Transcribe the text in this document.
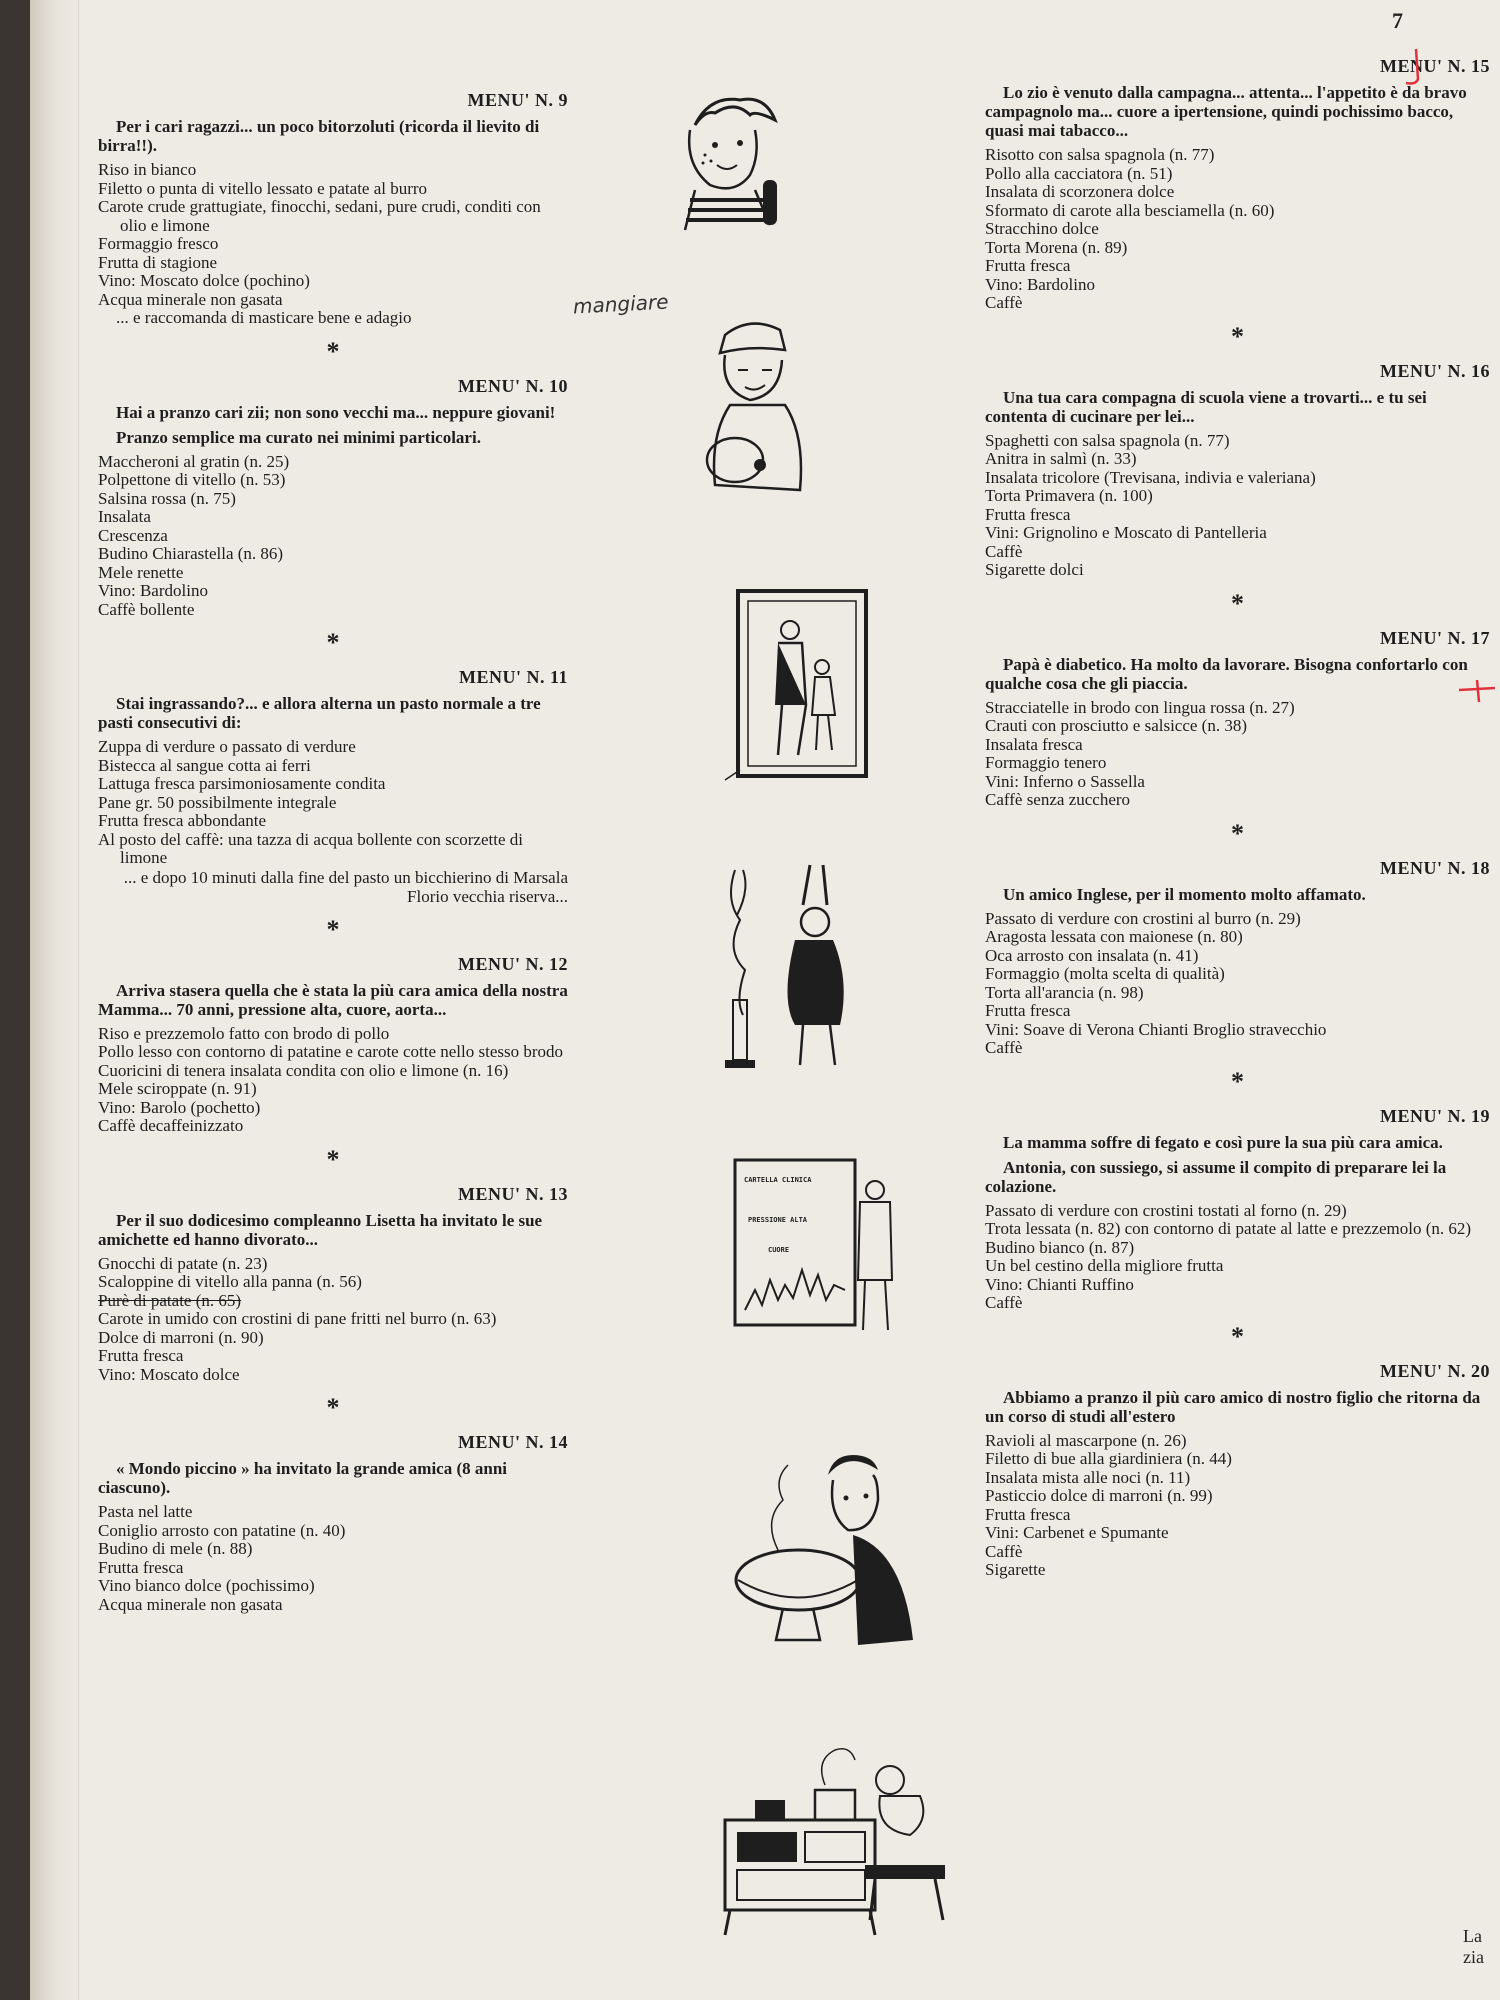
7
MENU' N. 9
Per i cari ragazzi... un poco bitorzoluti (ricorda il lievito di birra!!).
Riso in bianco
Filetto o punta di vitello lessato e patate al burro
Carote crude grattugiate, finocchi, sedani, pure crudi, conditi con olio e limone
Formaggio fresco
Frutta di stagione
Vino: Moscato dolce (pochino)
Acqua minerale non gasata
... e raccomanda di masticare bene e adagio
*
MENU' N. 10
Hai a pranzo cari zii; non sono vecchi ma... neppure giovani!
Pranzo semplice ma curato nei minimi particolari.
Maccheroni al gratin (n. 25)
Polpettone di vitello (n. 53)
Salsina rossa (n. 75)
Insalata
Crescenza
Budino Chiarastella (n. 86)
Mele renette
Vino: Bardolino
Caffè bollente
*
MENU' N. 11
Stai ingrassando?... e allora alterna un pasto normale a tre pasti consecutivi di:
Zuppa di verdure o passato di verdure
Bistecca al sangue cotta ai ferri
Lattuga fresca parsimoniosamente condita
Pane gr. 50 possibilmente integrale
Frutta fresca abbondante
Al posto del caffè: una tazza di acqua bollente con scorzette di limone
... e dopo 10 minuti dalla fine del pasto un bicchierino di Marsala Florio vecchia riserva...
*
MENU' N. 12
Arriva stasera quella che è stata la più cara amica della nostra Mamma... 70 anni, pressione alta, cuore, aorta...
Riso e prezzemolo fatto con brodo di pollo
Pollo lesso con contorno di patatine e carote cotte nello stesso brodo
Cuoricini di tenera insalata condita con olio e limone (n. 16)
Mele sciroppate (n. 91)
Vino: Barolo (pochetto)
Caffè decaffeinizzato
*
MENU' N. 13
Per il suo dodicesimo compleanno Lisetta ha invitato le sue amichette ed hanno divorato...
Gnocchi di patate (n. 23)
Scaloppine di vitello alla panna (n. 56)
Purè di patate (n. 65)
Carote in umido con crostini di pane fritti nel burro (n. 63)
Dolce di marroni (n. 90)
Frutta fresca
Vino: Moscato dolce
*
MENU' N. 14
« Mondo piccino » ha invitato la grande amica (8 anni ciascuno).
Pasta nel latte
Coniglio arrosto con patatine (n. 40)
Budino di mele (n. 88)
Frutta fresca
Vino bianco dolce (pochissimo)
Acqua minerale non gasata
mangiare
CARTELLA CLINICA
PRESSIONE ALTA
CUORE
MENU' N. 15
Lo zio è venuto dalla campagna... attenta... l'appetito è da bravo campagnolo ma... cuore a ipertensione, quindi pochissimo bacco, quasi mai tabacco...
Risotto con salsa spagnola (n. 77)
Pollo alla cacciatora (n. 51)
Insalata di scorzonera dolce
Sformato di carote alla besciamella (n. 60)
Stracchino dolce
Torta Morena (n. 89)
Frutta fresca
Vino: Bardolino
Caffè
*
MENU' N. 16
Una tua cara compagna di scuola viene a trovarti... e tu sei contenta di cucinare per lei...
Spaghetti con salsa spagnola (n. 77)
Anitra in salmì (n. 33)
Insalata tricolore (Trevisana, indivia e valeriana)
Torta Primavera (n. 100)
Frutta fresca
Vini: Grignolino e Moscato di Pantelleria
Caffè
Sigarette dolci
*
MENU' N. 17
Papà è diabetico. Ha molto da lavorare. Bisogna confortarlo con qualche cosa che gli piaccia.
Stracciatelle in brodo con lingua rossa (n. 27)
Crauti con prosciutto e salsicce (n. 38)
Insalata fresca
Formaggio tenero
Vini: Inferno o Sassella
Caffè senza zucchero
*
MENU' N. 18
Un amico Inglese, per il momento molto affamato.
Passato di verdure con crostini al burro (n. 29)
Aragosta lessata con maionese (n. 80)
Oca arrosto con insalata (n. 41)
Formaggio (molta scelta di qualità)
Torta all'arancia (n. 98)
Frutta fresca
Vini: Soave di Verona Chianti Broglio stravecchio
Caffè
*
MENU' N. 19
La mamma soffre di fegato e così pure la sua più cara amica.
Antonia, con sussiego, si assume il compito di preparare lei la colazione.
Passato di verdure con crostini tostati al forno (n. 29)
Trota lessata (n. 82) con contorno di patate al latte e prezzemolo (n. 62)
Budino bianco (n. 87)
Un bel cestino della migliore frutta
Vino: Chianti Ruffino
Caffè
*
MENU' N. 20
Abbiamo a pranzo il più caro amico di nostro figlio che ritorna da un corso di studi all'estero
Ravioli al mascarpone (n. 26)
Filetto di bue alla giardiniera (n. 44)
Insalata mista alle noci (n. 11)
Pasticcio dolce di marroni (n. 99)
Frutta fresca
Vini: Carbenet e Spumante
Caffè
Sigarette
La zia
